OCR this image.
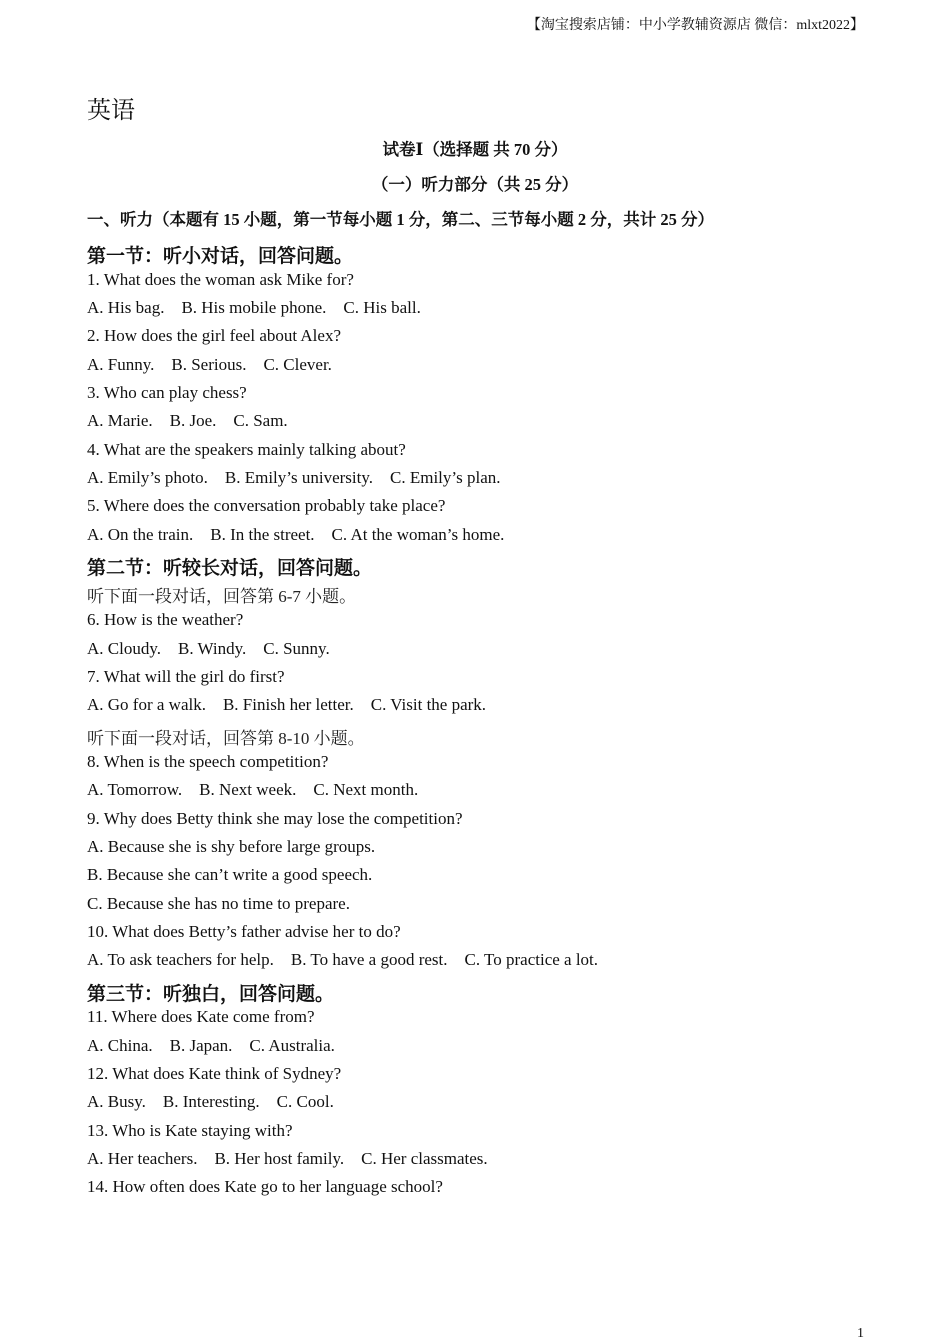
【淘宝搜索店铺：中小学教辅资源店 微信：mlxt2022】
英语
试卷Ⅰ（选择题 共 70 分）
（一）听力部分（共 25 分）
一、听力（本题有 15 小题，第一节每小题 1 分，第二、三节每小题 2 分，共计 25 分）
第一节：听小对话，回答问题。
1. What does the woman ask Mike for?
A. His bag.    B. His mobile phone.    C. His ball.
2. How does the girl feel about Alex?
A. Funny.    B. Serious.    C. Clever.
3. Who can play chess?
A. Marie.    B. Joe.    C. Sam.
4. What are the speakers mainly talking about?
A. Emily’s photo.    B. Emily’s university.    C. Emily’s plan.
5. Where does the conversation probably take place?
A. On the train.    B. In the street.    C. At the woman’s home.
第二节：听较长对话，回答问题。
听下面一段对话，回答第 6-7 小题。
6. How is the weather?
A. Cloudy.    B. Windy.    C. Sunny.
7. What will the girl do first?
A. Go for a walk.    B. Finish her letter.    C. Visit the park.
听下面一段对话，回答第 8-10 小题。
8. When is the speech competition?
A. Tomorrow.    B. Next week.    C. Next month.
9. Why does Betty think she may lose the competition?
A. Because she is shy before large groups.
B. Because she can’t write a good speech.
C. Because she has no time to prepare.
10. What does Betty’s father advise her to do?
A. To ask teachers for help.    B. To have a good rest.    C. To practice a lot.
第三节：听独白，回答问题。
11. Where does Kate come from?
A. China.    B. Japan.    C. Australia.
12. What does Kate think of Sydney?
A. Busy.    B. Interesting.    C. Cool.
13. Who is Kate staying with?
A. Her teachers.    B. Her host family.    C. Her classmates.
14. How often does Kate go to her language school?
1
